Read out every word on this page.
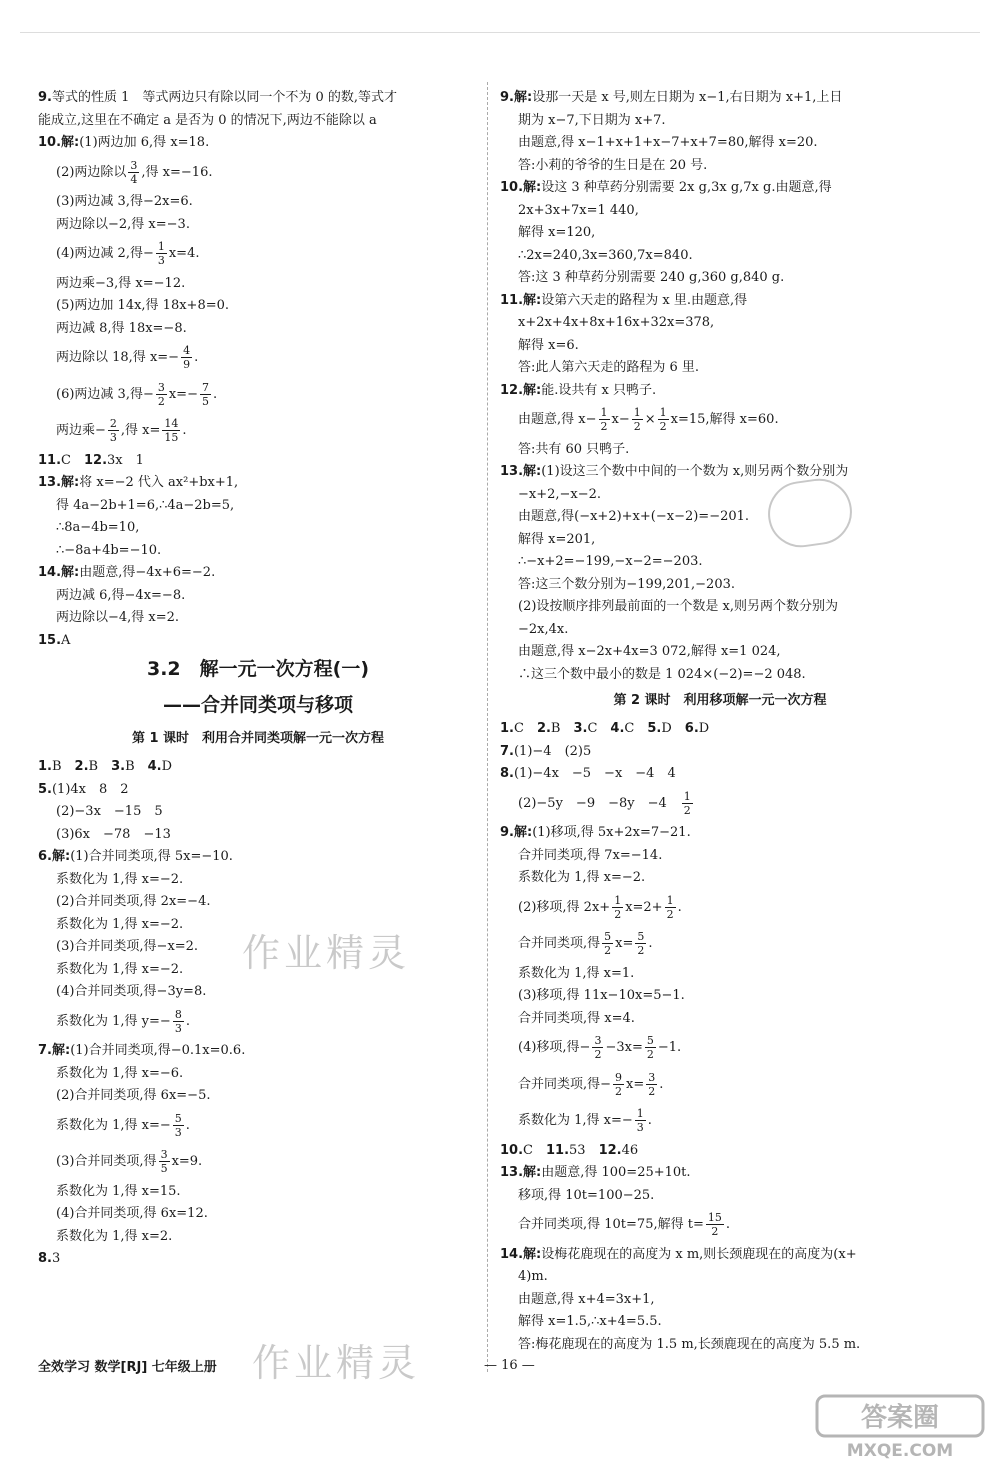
9.等式的性质 1　等式两边只有除以同一个不为 0 的数,等式才
能成立,这里在不确定 a 是否为 0 的情况下,两边不能除以 a
10.解:(1)两边加 6,得 x=18.
(2)两边除以 $\frac{3}{4}$ ,得 x=−16.
(3)两边减 3,得−2x=6.
两边除以−2,得 x=−3.
(4)两边减 2,得− $\frac{1}{3} x=4$.
两边乘−3,得 x=−12.
(5)两边加 14x,得 18x+8=0.
两边减 8,得 18x=−8.
两边除以 18,得 $x=- \frac{4}{9}$ .
(6)两边减 3,得− $\frac{3}{2} x=- \frac{7}{5}$ .
两边乘− $\frac{2}{3}$ ,得 $x= \frac{14}{15}$ .
11.C　12.3x　1
13.解:将 x=−2 代入 ax²+bx+1,
得 4a−2b+1=6,∴4a−2b=5,
∴8a−4b=10,
∴−8a+4b=−10.
14.解:由题意,得−4x+6=−2.
两边减 6,得−4x=−8.
两边除以−4,得 x=2.
15.A
3.2　解一元一次方程(一)
——合并同类项与移项
第 1 课时　利用合并同类项解一元一次方程
1.B　2.B　3.B　4.D
5.(1)4x　8　2
(2)−3x　−15　5
(3)6x　−78　−13
6.解:(1)合并同类项,得 5x=−10.
系数化为 1,得 x=−2.
(2)合并同类项,得 2x=−4.
系数化为 1,得 x=−2.
(3)合并同类项,得−x=2.
系数化为 1,得 x=−2.
(4)合并同类项,得−3y=8.
系数化为 1,得 $y=- \frac{8}{3}$ .
7.解:(1)合并同类项,得−0.1x=0.6.
系数化为 1,得 x=−6.
(2)合并同类项,得 6x=−5.
系数化为 1,得 $x=- \frac{5}{3}$ .
(3)合并同类项,得 $\frac{3}{5} x=9$.
系数化为 1,得 x=15.
(4)合并同类项,得 6x=12.
系数化为 1,得 x=2.
8.3
9.解:设那一天是 x 号,则左日期为 x−1,右日期为 x+1,上日
期为 x−7,下日期为 x+7.
由题意,得 x−1+x+1+x−7+x+7=80,解得 x=20.
答:小莉的爷爷的生日是在 20 号.
10.解:设这 3 种草药分别需要 2x g,3x g,7x g.由题意,得
2x+3x+7x=1 440,
解得 x=120,
∴2x=240,3x=360,7x=840.
答:这 3 种草药分别需要 240 g,360 g,840 g.
11.解:设第六天走的路程为 x 里.由题意,得
x+2x+4x+8x+16x+32x=378,
解得 x=6.
答:此人第六天走的路程为 6 里.
12.解:能.设共有 x 只鸭子.
由题意,得 $x- \frac{1}{2} x- \frac{1}{2} \times \frac{1}{2} x=15$,解得 x=60.
答:共有 60 只鸭子.
13.解:(1)设这三个数中中间的一个数为 x,则另两个数分别为
−x+2,−x−2.
由题意,得(−x+2)+x+(−x−2)=−201.
解得 x=201,
∴−x+2=−199,−x−2=−203.
答:这三个数分别为−199,201,−203.
(2)设按顺序排列最前面的一个数是 x,则另两个数分别为
−2x,4x.
由题意,得 x−2x+4x=3 072,解得 x=1 024,
∴这三个数中最小的数是 1 024×(−2)=−2 048.
第 2 课时　利用移项解一元一次方程
1.C　2.B　3.C　4.C　5.D　6.D
7.(1)−4　(2)5
8.(1)−4x　−5　−x　−4　4
(2)−5y　−9　−8y　−4　 $\frac{1}{2}$
9.解:(1)移项,得 5x+2x=7−21.
合并同类项,得 7x=−14.
系数化为 1,得 x=−2.
(2)移项,得 $2x+ \frac{1}{2} x=2+ \frac{1}{2}$ .
合并同类项,得 $\frac{5}{2} x= \frac{5}{2}$ .
系数化为 1,得 x=1.
(3)移项,得 11x−10x=5−1.
合并同类项,得 x=4.
(4)移项,得− $\frac{3}{2} -3x= \frac{5}{2} -1$.
合并同类项,得− $\frac{9}{2} x= \frac{3}{2}$ .
系数化为 1,得 $x=- \frac{1}{3}$ .
10.C　11.53　12.46
13.解:由题意,得 100=25+10t.
移项,得 10t=100−25.
合并同类项,得 10t=75,解得 $t= \frac{15}{2}$ .
14.解:设梅花鹿现在的高度为 x m,则长颈鹿现在的高度为(x+
4)m.
由题意,得 x+4=3x+1,
解得 x=1.5,∴x+4=5.5.
答:梅花鹿现在的高度为 1.5 m,长颈鹿现在的高度为 5.5 m.
作业精灵
作业精灵
全效学习 数学[RJ] 七年级上册	— 16 —
答案圈
MXQE.COM
